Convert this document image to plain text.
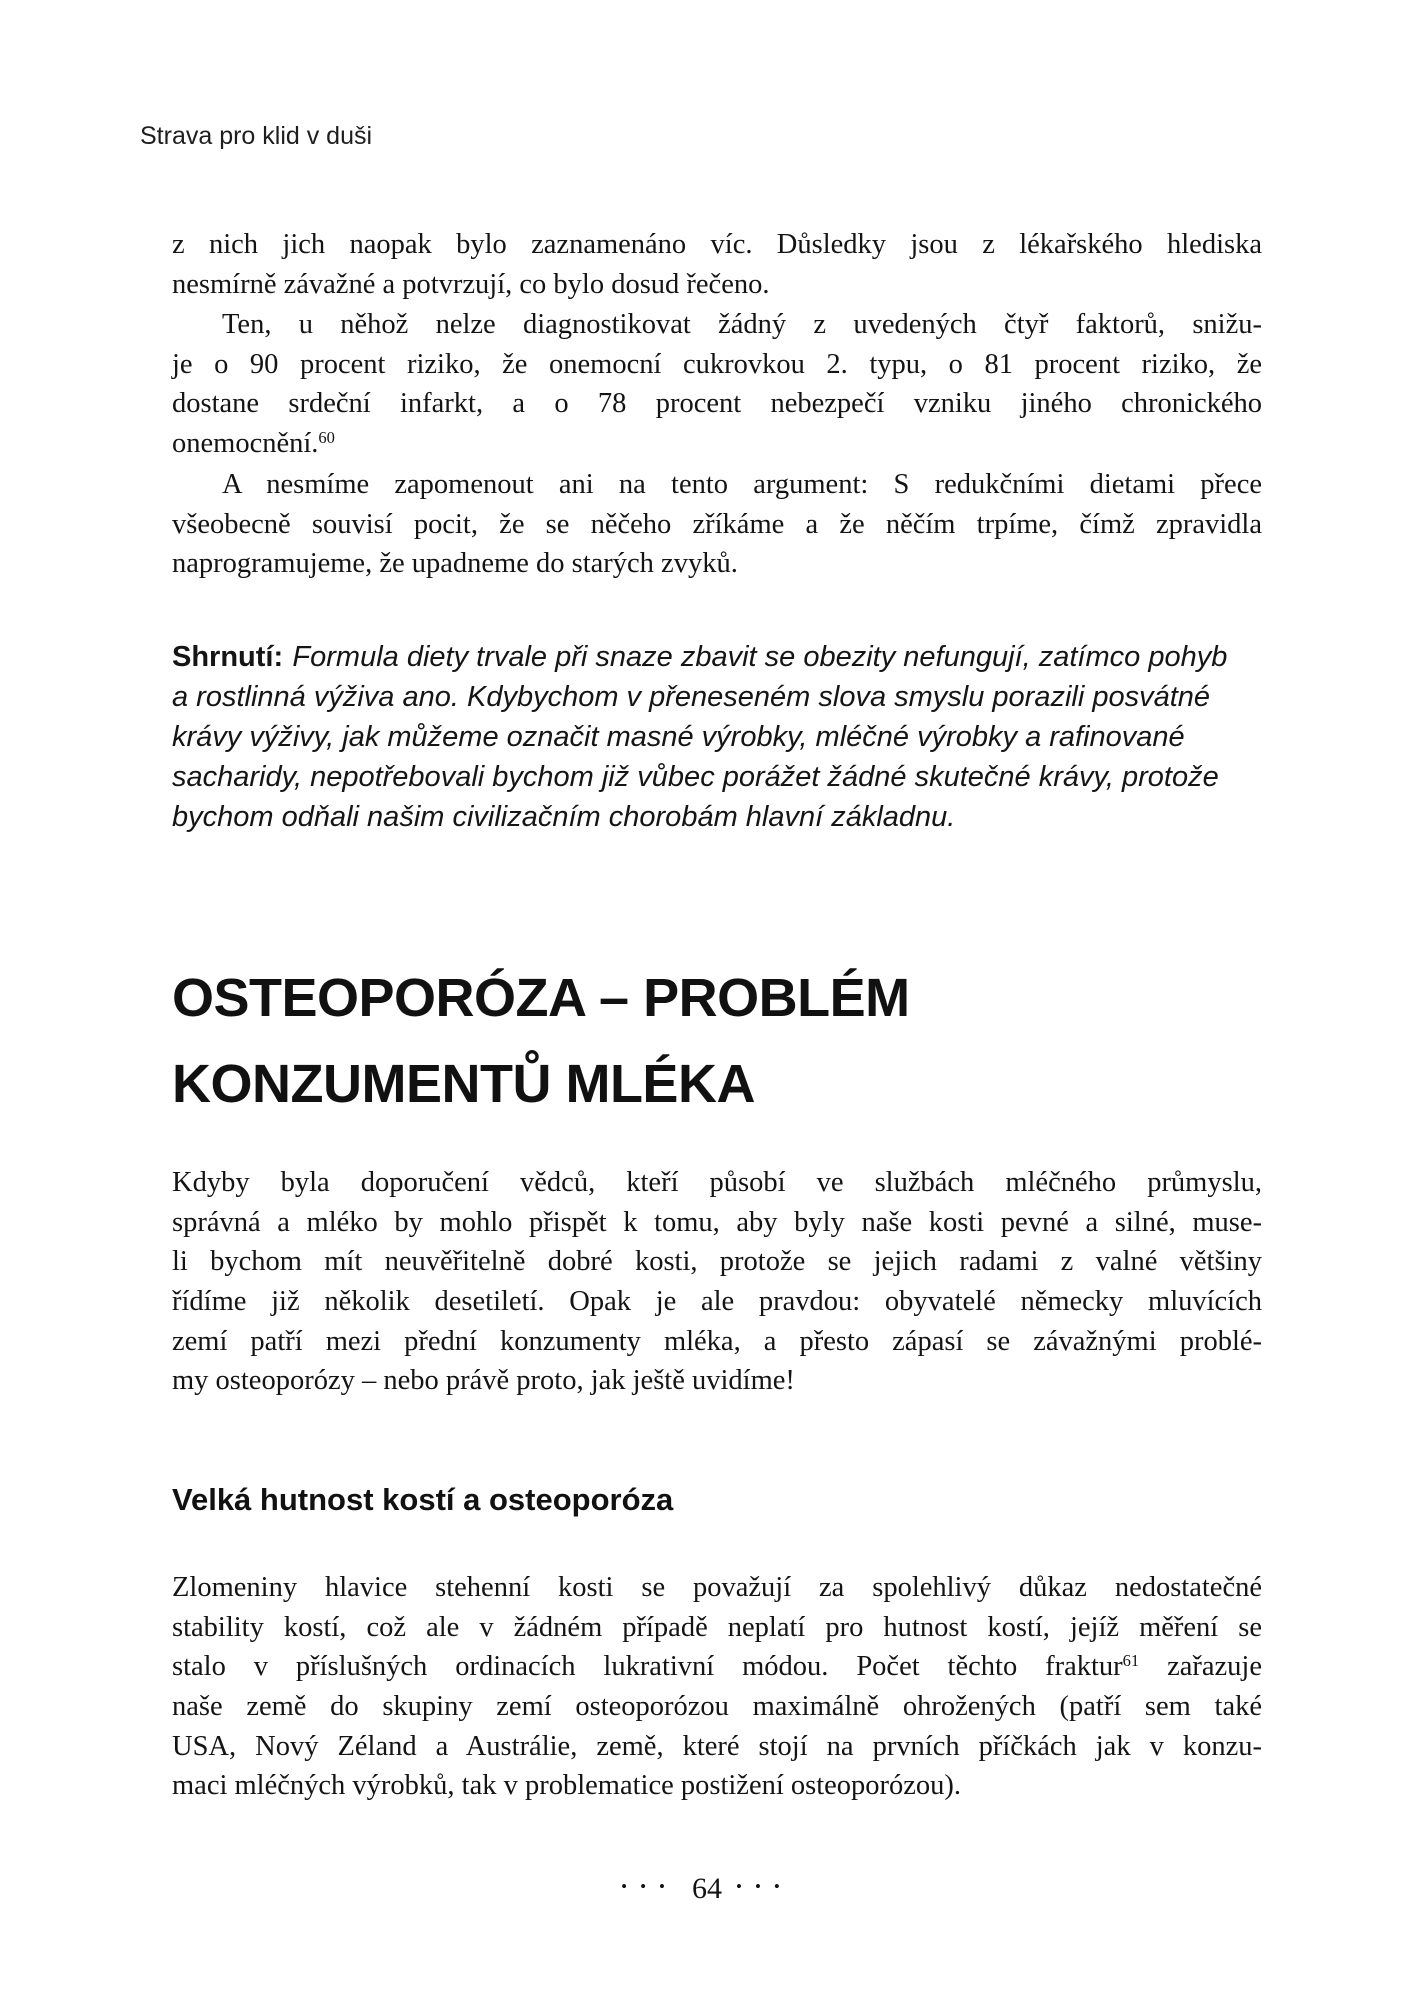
Strava pro klid v duši
z nich jich naopak bylo zaznamenáno víc. Důsledky jsou z lékařského hlediska
nesmírně závažné a potvrzují, co bylo dosud řečeno.
Ten, u něhož nelze diagnostikovat žádný z uvedených čtyř faktorů, snižu-
je o 90 procent riziko, že onemocní cukrovkou 2. typu, o 81 procent riziko, že
dostane srdeční infarkt, a o 78 procent nebezpečí vzniku jiného chronického
onemocnění.$^{60}$
A nesmíme zapomenout ani na tento argument: S redukčními dietami přece
všeobecně souvisí pocit, že se něčeho zříkáme a že něčím trpíme, čímž zpravidla
naprogramujeme, že upadneme do starých zvyků.
Shrnutí: Formula diety trvale při snaze zbavit se obezity nefungují, zatímco pohyb
a rostlinná výživa ano. Kdybychom v přeneseném slova smyslu porazili posvátné
krávy výživy, jak můžeme označit masné výrobky, mléčné výrobky a rafinované
sacharidy, nepotřebovali bychom již vůbec porážet žádné skutečné krávy, protože
bychom odňali našim civilizačním chorobám hlavní základnu.
OSTEOPORÓZA – PROBLÉM
KONZUMENTŮ MLÉKA
Kdyby byla doporučení vědců, kteří působí ve službách mléčného průmyslu,
správná a mléko by mohlo přispět k tomu, aby byly naše kosti pevné a silné, muse-
li bychom mít neuvěřitelně dobré kosti, protože se jejich radami z valné většiny
řídíme již několik desetiletí. Opak je ale pravdou: obyvatelé německy mluvících
zemí patří mezi přední konzumenty mléka, a přesto zápasí se závažnými problé-
my osteoporózy – nebo právě proto, jak ještě uvidíme!
Velká hutnost kostí a osteoporóza
Zlomeniny hlavice stehenní kosti se považují za spolehlivý důkaz nedostatečné
stability kostí, což ale v žádném případě neplatí pro hutnost kostí, jejíž měření se
stalo v příslušných ordinacích lukrativní módou. Počet těchto fraktur$^{61}$ zařazuje
naše země do skupiny zemí osteoporózou maximálně ohrožených (patří sem také
USA, Nový Zéland a Austrálie, země, které stojí na prvních příčkách jak v konzu-
maci mléčných výrobků, tak v problematice postižení osteoporózou).
••• 64 •••
